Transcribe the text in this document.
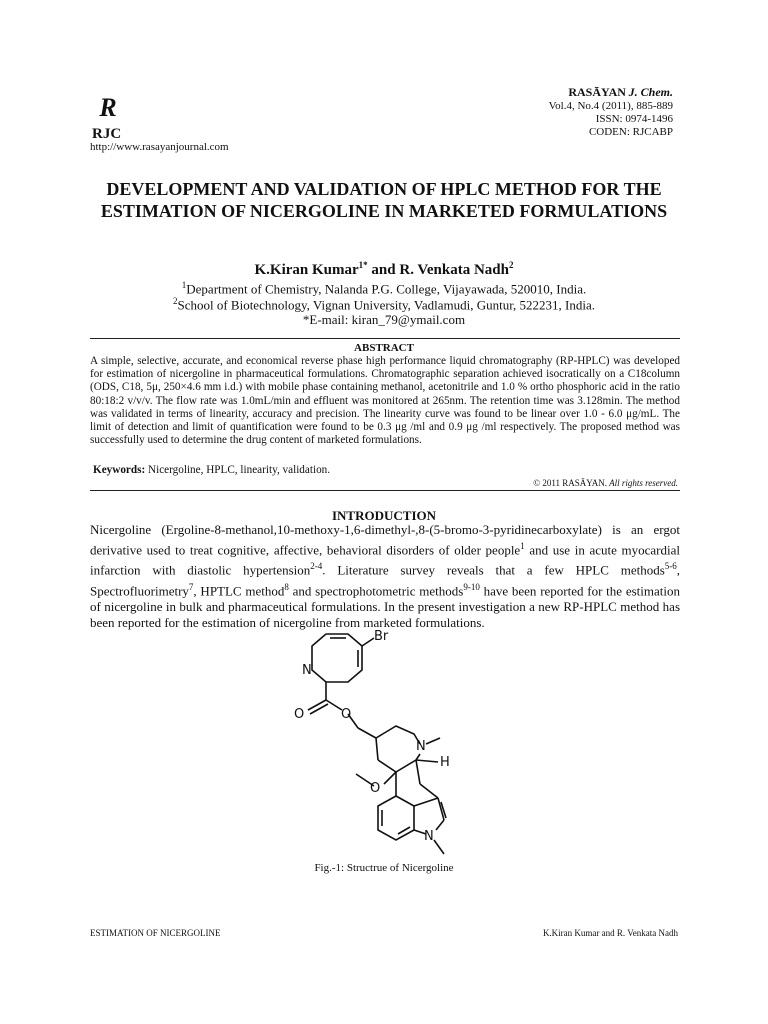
R
RJC
http://www.rasayanjournal.com
RASĀYAN J. Chem.
Vol.4, No.4 (2011), 885-889
ISSN: 0974-1496
CODEN: RJCABP
DEVELOPMENT AND VALIDATION OF HPLC METHOD FOR THE ESTIMATION OF NICERGOLINE IN MARKETED FORMULATIONS
K.Kiran Kumar$^{1*}$ and R. Venkata Nadh$^2$
$^1$Department of Chemistry, Nalanda P.G. College, Vijayawada, 520010, India.
$^2$School of Biotechnology, Vignan University, Vadlamudi, Guntur, 522231, India.
*E-mail: kiran_79@ymail.com
ABSTRACT
A simple, selective, accurate, and economical reverse phase high performance liquid chromatography (RP-HPLC) was developed for estimation of nicergoline in pharmaceutical formulations. Chromatographic separation achieved isocratically on a C18column (ODS, C18, 5μ, 250×4.6 mm i.d.) with mobile phase containing methanol, acetonitrile and 1.0 % ortho phosphoric acid in the ratio 80:18:2 v/v/v. The flow rate was 1.0mL/min and effluent was monitored at 265nm. The retention time was 3.128min. The method was validated in terms of linearity, accuracy and precision. The linearity curve was found to be linear over 1.0 - 6.0 μg/mL. The limit of detection and limit of quantification were found to be 0.3 μg /ml and 0.9 μg /ml respectively. The proposed method was successfully used to determine the drug content of marketed formulations.
Keywords: Nicergoline, HPLC, linearity, validation.
© 2011 RASĀYAN. All rights reserved.
INTRODUCTION
Nicergoline (Ergoline-8-methanol,10-methoxy-1,6-dimethyl-,8-(5-bromo-3-pyridinecarboxylate) is an ergot derivative used to treat cognitive, affective, behavioral disorders of older people$^1$ and use in acute myocardial infarction with diastolic hypertension$^{2-4}$. Literature survey reveals that a few HPLC methods$^{5-6}$, Spectrofluorimetry$^7$, HPTLC method$^8$ and spectrophotometric methods$^{9-10}$ have been reported for the estimation of nicergoline in bulk and pharmaceutical formulations. In the present investigation a new RP-HPLC method has been reported for the estimation of nicergoline from marketed formulations.
N
Br
O	O
N
H
O
N
Fig.-1: Structrue of Nicergoline
ESTIMATION OF NICERGOLINE	K.Kiran Kumar and R. Venkata Nadh
